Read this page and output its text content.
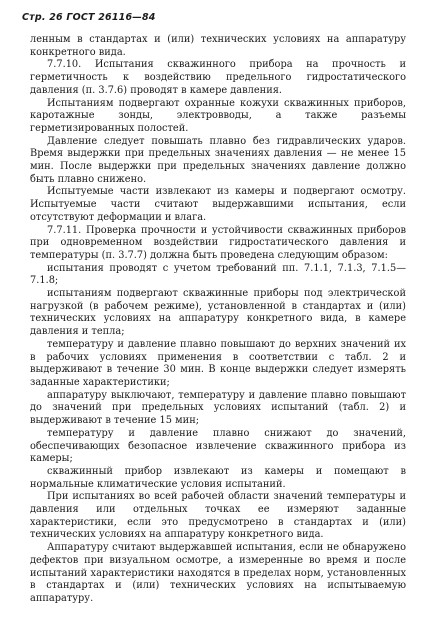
Стр. 26 ГОСТ 26116—84

ленным в стандартах и (или) технических условиях на аппаратуру конкретного вида.

7.7.10. Испытания скважинного прибора на прочность и герметичность к воздействию предельного гидростатического давления (п. 3.7.6) проводят в камере давления.

Испытаниям подвергают охранные кожухи скважинных приборов, каротажные зонды, электровводы, а также разъемы герметизированных полостей.

Давление следует повышать плавно без гидравлических ударов. Время выдержки при предельных значениях давления — не менее 15 мин. После выдержки при предельных значениях давление должно быть плавно снижено.

Испытуемые части извлекают из камеры и подвергают осмотру. Испытуемые части считают выдержавшими испытания, если отсутствуют деформации и влага.

7.7.11. Проверка прочности и устойчивости скважинных приборов при одновременном воздействии гидростатического давления и температуры (п. 3.7.7) должна быть проведена следующим образом:

испытания проводят с учетом требований пп. 7.1.1, 7.1.3, 7.1.5—7.1.8;

испытаниям подвергают скважинные приборы под электрической нагрузкой (в рабочем режиме), установленной в стандартах и (или) технических условиях на аппаратуру конкретного вида, в камере давления и тепла;

температуру и давление плавно повышают до верхних значений их в рабочих условиях применения в соответствии с табл. 2 и выдерживают в течение 30 мин. В конце выдержки следует измерять заданные характеристики;

аппаратуру выключают, температуру и давление плавно повышают до значений при предельных условиях испытаний (табл. 2) и выдерживают в течение 15 мин;

температуру и давление плавно снижают до значений, обеспечивающих безопасное извлечение скважинного прибора из камеры;

скважинный прибор извлекают из камеры и помещают в нормальные климатические условия испытаний.

При испытаниях во всей рабочей области значений температуры и давления или отдельных точках ее измеряют заданные характеристики, если это предусмотрено в стандартах и (или) технических условиях на аппаратуру конкретного вида.

Аппаратуру считают выдержавшей испытания, если не обнаружено дефектов при визуальном осмотре, а измеренные во время и после испытаний характеристики находятся в пределах норм, установленных в стандартах и (или) технических условиях на испытываемую аппаратуру.
